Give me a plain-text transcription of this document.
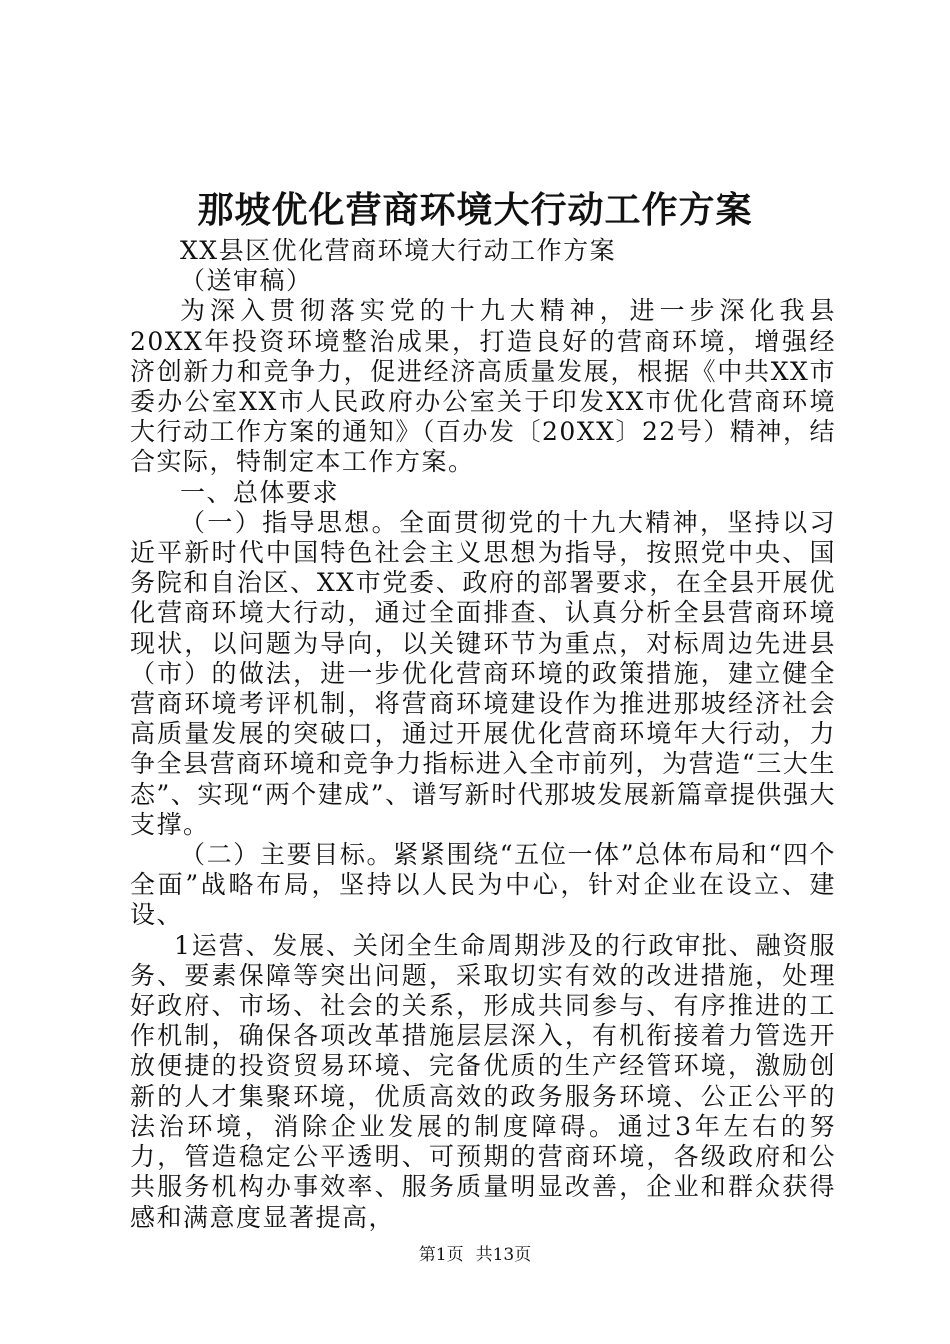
那坡优化营商环境大行动工作方案

XX县区优化营商环境大行动工作方案

（送审稿）

为深入贯彻落实党的十九大精神，进一步深化我县20XX年投资环境整治成果，打造良好的营商环境，增强经济创新力和竞争力，促进经济高质量发展，根据《中共XX市委办公室XX市人民政府办公室关于印发XX市优化营商环境大行动工作方案的通知》（百办发〔20XX〕22号）精神，结合实际，特制定本工作方案。

一、总体要求

（一）指导思想。全面贯彻党的十九大精神，坚持以习近平新时代中国特色社会主义思想为指导，按照党中央、国务院和自治区、XX市党委、政府的部署要求，在全县开展优化营商环境大行动，通过全面排查、认真分析全县营商环境现状，以问题为导向，以关键环节为重点，对标周边先进县（市）的做法，进一步优化营商环境的政策措施，建立健全营商环境考评机制，将营商环境建设作为推进那坡经济社会高质量发展的突破口，通过开展优化营商环境年大行动，力争全县营商环境和竞争力指标进入全市前列，为营造“三大生态”、实现“两个建成”、谱写新时代那坡发展新篇章提供强大支撑。

（二）主要目标。紧紧围绕“五位一体”总体布局和“四个全面”战略布局，坚持以人民为中心，针对企业在设立、建设、

1运营、发展、关闭全生命周期涉及的行政审批、融资服务、要素保障等突出问题，采取切实有效的改进措施，处理好政府、市场、社会的关系，形成共同参与、有序推进的工作机制，确保各项改革措施层层深入，有机衔接着力管选开放便捷的投资贸易环境、完备优质的生产经管环境，激励创新的人才集聚环境，优质高效的政务服务环境、公正公平的法治环境，消除企业发展的制度障碍。通过3年左右的努力，管造稳定公平透明、可预期的营商环境，各级政府和公共服务机构办事效率、服务质量明显改善，企业和群众获得感和满意度显著提高，

第1页 共13页
